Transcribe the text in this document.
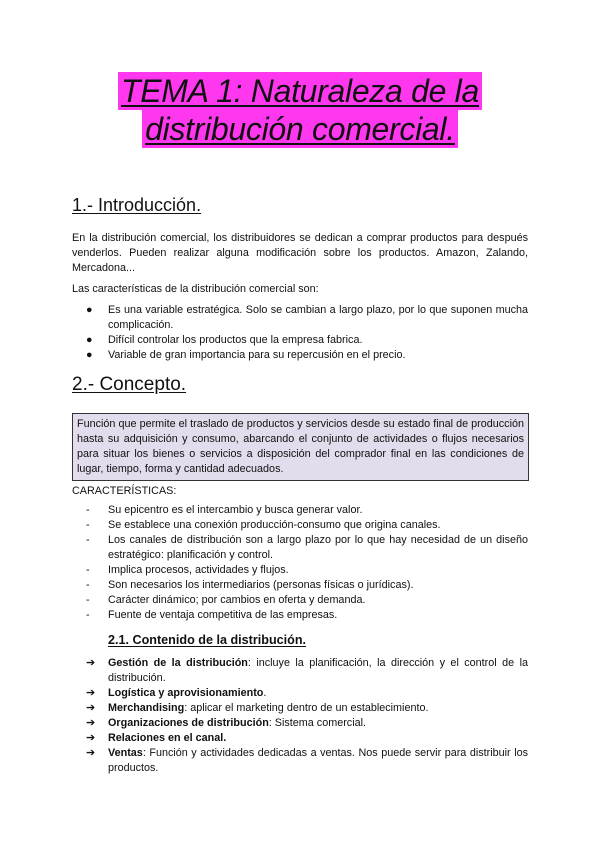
TEMA 1: Naturaleza de la
distribución comercial.
1.- Introducción.

En la distribución comercial, los distribuidores se dedican a comprar productos para después venderlos. Pueden realizar alguna modificación sobre los productos. Amazon, Zalando, Mercadona...

Las características de la distribución comercial son:

● Es una variable estratégica. Solo se cambian a largo plazo, por lo que suponen mucha complicación.
● Difícil controlar los productos que la empresa fabrica.
● Variable de gran importancia para su repercusión en el precio.
2.- Concepto.
Función que permite el traslado de productos y servicios desde su estado final de producción hasta su adquisición y consumo, abarcando el conjunto de actividades o flujos necesarios para situar los bienes o servicios a disposición del comprador final en las condiciones de lugar, tiempo, forma y cantidad adecuados.

CARACTERÍSTICAS:

- Su epicentro es el intercambio y busca generar valor.
- Se establece una conexión producción-consumo que origina canales.
- Los canales de distribución son a largo plazo por lo que hay necesidad de un diseño estratégico: planificación y control.
- Implica procesos, actividades y flujos.
- Son necesarios los intermediarios (personas físicas o jurídicas).
- Carácter dinámico; por cambios en oferta y demanda.
- Fuente de ventaja competitiva de las empresas.
2.1. Contenido de la distribución.
➔ Gestión de la distribución: incluye la planificación, la dirección y el control de la distribución.
➔ Logística y aprovisionamiento.
➔ Merchandising: aplicar el marketing dentro de un establecimiento.
➔ Organizaciones de distribución: Sistema comercial.
➔ Relaciones en el canal.
➔ Ventas: Función y actividades dedicadas a ventas. Nos puede servir para distribuir los productos.
